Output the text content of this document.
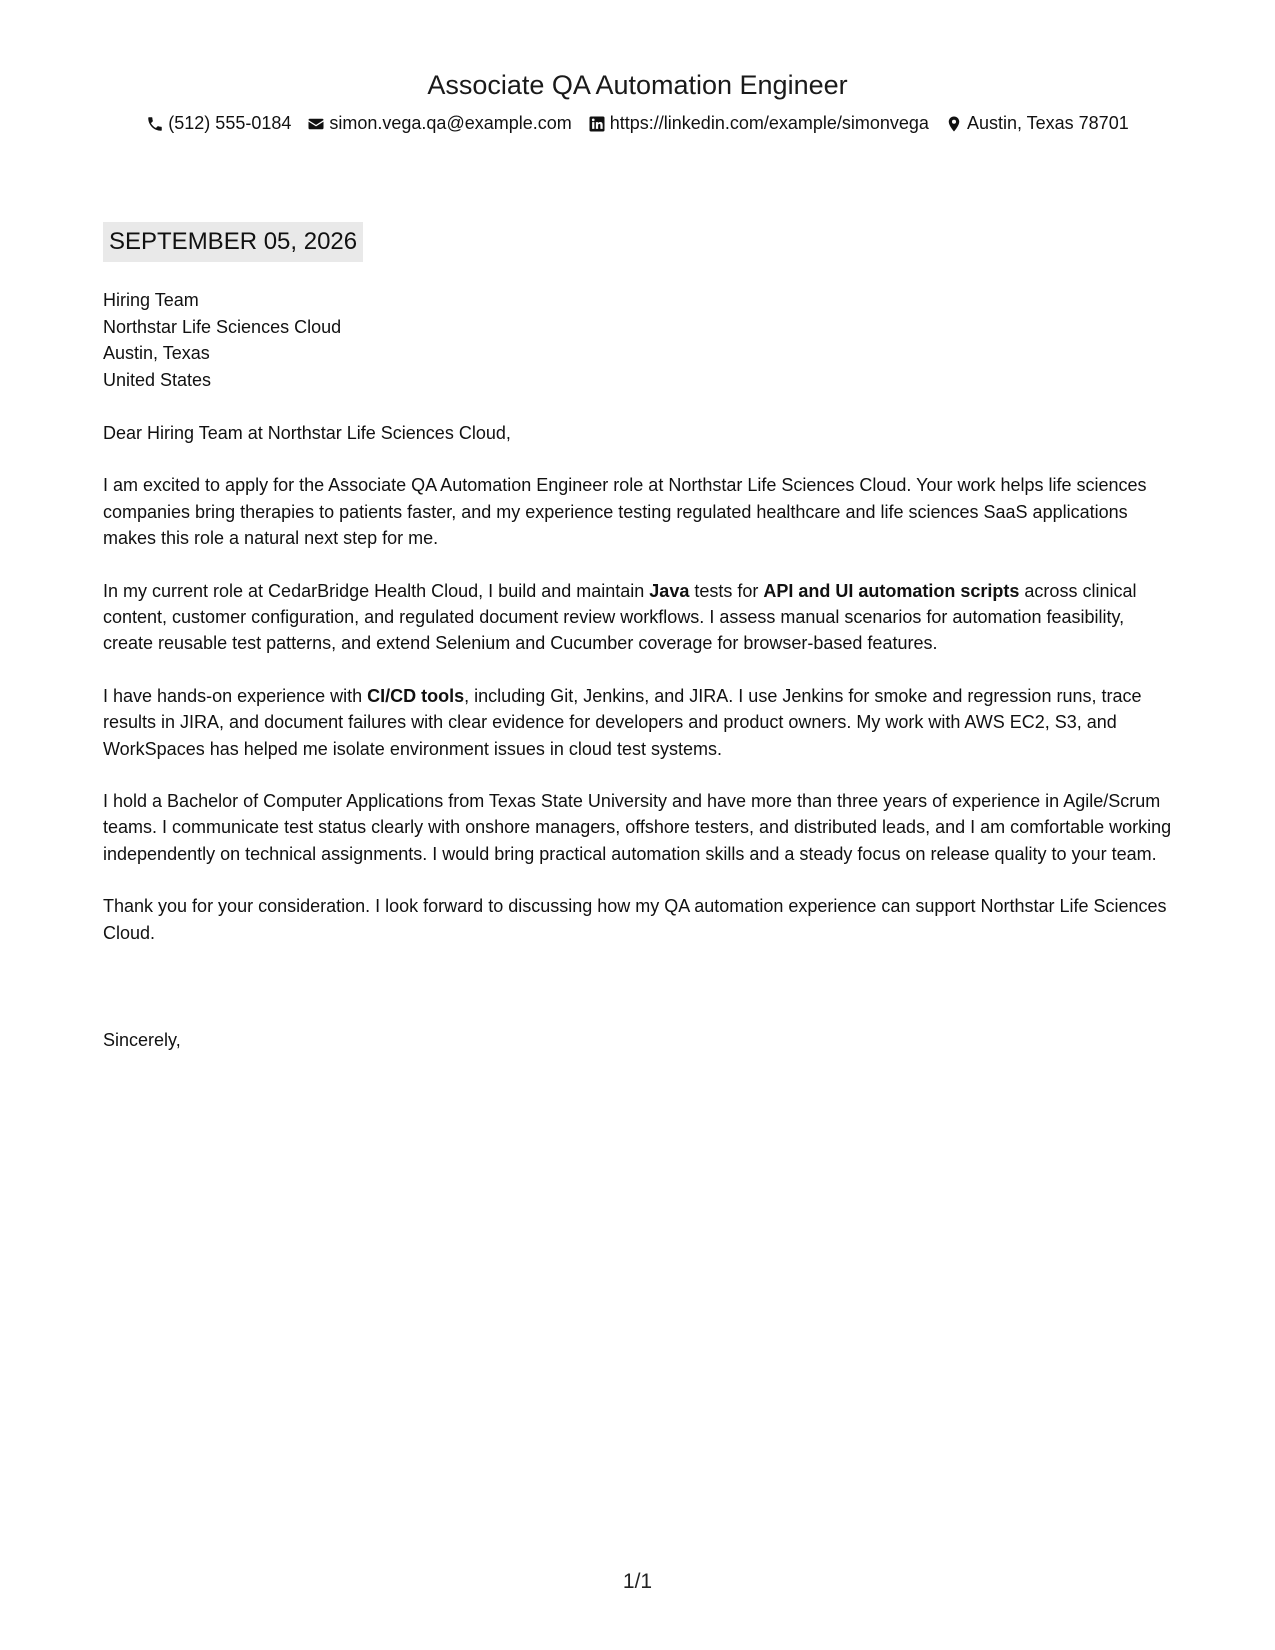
Associate QA Automation Engineer
(512) 555-0184 simon.vega.qa@example.com https://linkedin.com/example/simonvega Austin, Texas 78701
SEPTEMBER 05, 2026
Hiring Team
Northstar Life Sciences Cloud
Austin, Texas
United States

Dear Hiring Team at Northstar Life Sciences Cloud,

I am excited to apply for the Associate QA Automation Engineer role at Northstar Life Sciences Cloud. Your work helps life sciences companies bring therapies to patients faster, and my experience testing regulated healthcare and life sciences SaaS applications makes this role a natural next step for me.

In my current role at CedarBridge Health Cloud, I build and maintain Java tests for API and UI automation scripts across clinical content, customer configuration, and regulated document review workflows. I assess manual scenarios for automation feasibility, create reusable test patterns, and extend Selenium and Cucumber coverage for browser-based features.

I have hands-on experience with CI/CD tools, including Git, Jenkins, and JIRA. I use Jenkins for smoke and regression runs, trace results in JIRA, and document failures with clear evidence for developers and product owners. My work with AWS EC2, S3, and WorkSpaces has helped me isolate environment issues in cloud test systems.

I hold a Bachelor of Computer Applications from Texas State University and have more than three years of experience in Agile/Scrum teams. I communicate test status clearly with onshore managers, offshore testers, and distributed leads, and I am comfortable working independently on technical assignments. I would bring practical automation skills and a steady focus on release quality to your team.

Thank you for your consideration. I look forward to discussing how my QA automation experience can support Northstar Life Sciences Cloud.

Sincerely,
1/1
